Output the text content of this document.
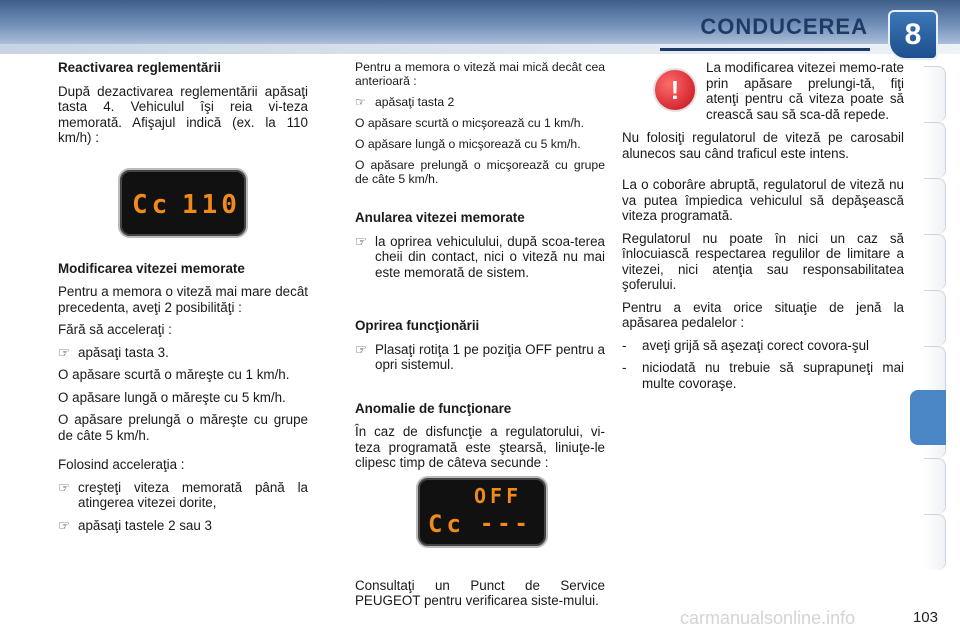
CONDUCEREA	8
Reactivarea reglementării

După dezactivarea reglementării apăsaţi tasta 4. Vehiculul îşi reia vi-teza memorată. Afişajul indică (ex. la 110 km/h) :

Modificarea vitezei memorate

Pentru a memora o viteză mai mare decât precedenta, aveţi 2 posibilităţi :

Fără să acceleraţi :

☞ apăsaţi tasta 3.

O apăsare scurtă o măreşte cu 1 km/h.

O apăsare lungă o măreşte cu 5 km/h.

O apăsare prelungă o măreşte cu grupe de câte 5 km/h.

Folosind acceleraţia :

☞ creşteţi viteza memorată până la atingerea vitezei dorite,

☞ apăsaţi tastele 2 sau 3

Cc 110

Pentru a memora o viteză mai mică decât cea anterioară :

☞ apăsaţi tasta 2

O apăsare scurtă o micşorează cu 1 km/h.

O apăsare lungă o micşorează cu 5 km/h.

O apăsare prelungă o micşorează cu grupe de câte 5 km/h.

Anularea vitezei memorate

☞ la oprirea vehiculului, după scoa-terea cheii din contact, nici o viteză nu mai este memorată de sistem.

Oprirea funcţionării

☞ Plasaţi rotiţa 1 pe poziţia OFF pentru a opri sistemul.

Anomalie de funcţionare

În caz de disfuncţie a regulatorului, vi-teza programată este ştearsă, liniuţe-le clipesc timp de câteva secunde :

Consultaţi un Punct de Service PEUGEOT pentru verificarea siste-mului.

OFF
Cc ---
!

La modificarea vitezei memo-rate prin apăsare prelungi-tă, fiţi atenţi pentru că viteza poate să crească sau să sca-dă repede.

Nu folosiţi regulatorul de viteză pe carosabil alunecos sau când traficul este intens.

La o coborâre abruptă, regulatorul de viteză nu va putea împiedica vehiculul să depăşească viteza programată.

Regulatorul nu poate în nici un caz să înlocuiască respectarea regulilor de limitare a vitezei, nici atenţia sau responsabilitatea şoferului.

Pentru a evita orice situaţie de jenă la apăsarea pedalelor :

- aveţi grijă să aşezaţi corect covora-şul

- niciodată nu trebuie să suprapuneţi mai multe covoraşe.

carmanualsonline.info	103
